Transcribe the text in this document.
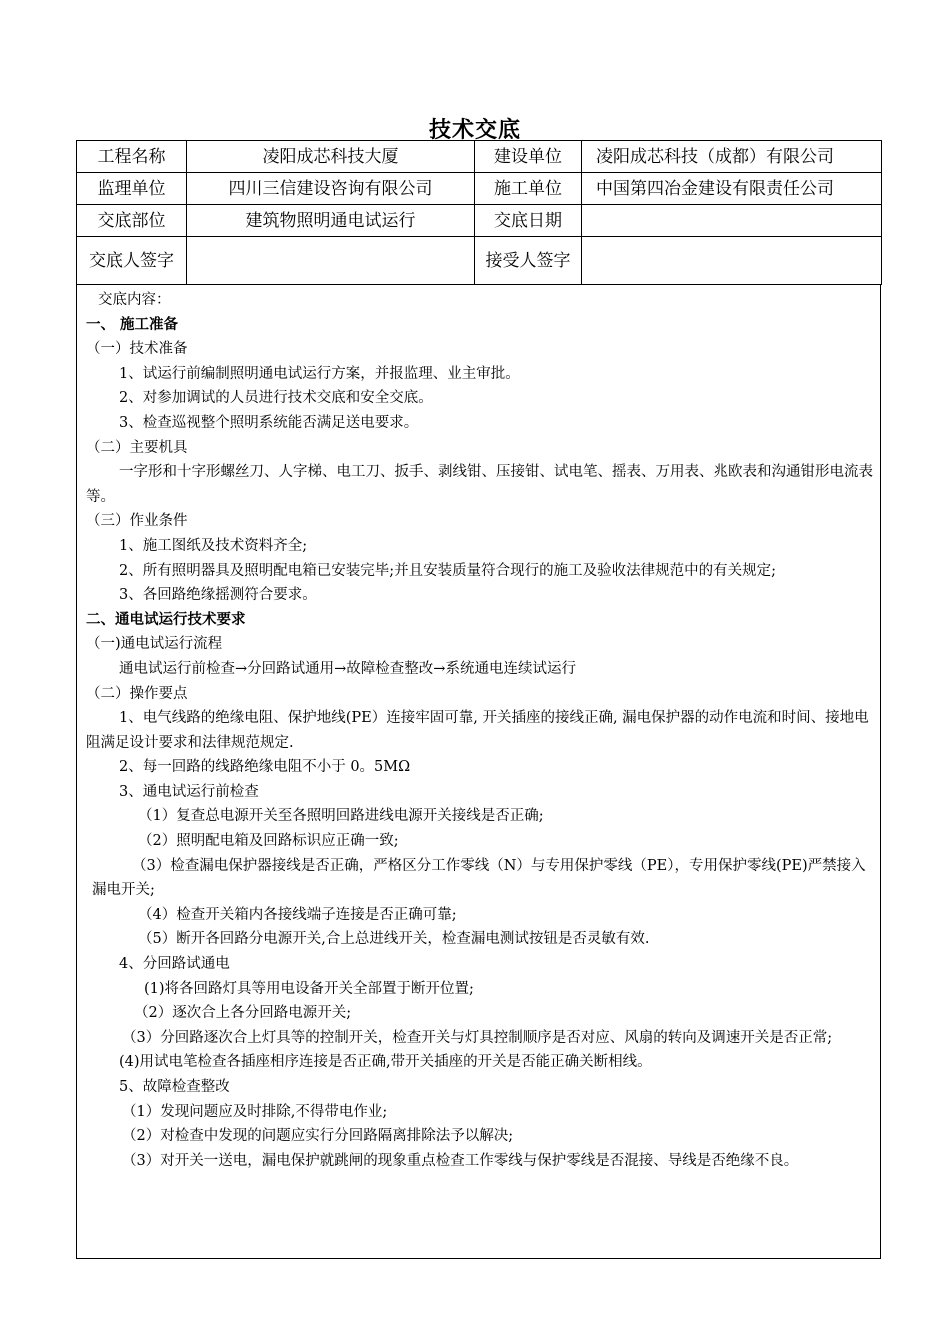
技术交底
工程名称	凌阳成芯科技大厦	建设单位	凌阳成芯科技（成都）有限公司
监理单位	四川三信建设咨询有限公司	施工单位	中国第四冶金建设有限责任公司
交底部位	建筑物照明通电试运行	交底日期	
交底人签字		接受人签字	

交底内容：

一、 施工准备

（一）技术准备

1、试运行前编制照明通电试运行方案，并报监理、业主审批。

2、对参加调试的人员进行技术交底和安全交底。

3、检查巡视整个照明系统能否满足送电要求。

（二）主要机具

一字形和十字形螺丝刀、人字梯、电工刀、扳手、剥线钳、压接钳、试电笔、摇表、万用表、兆欧表和沟通钳形电流表等。

（三）作业条件

1、施工图纸及技术资料齐全;

2、所有照明器具及照明配电箱已安装完毕;并且安装质量符合现行的施工及验收法律规范中的有关规定;

3、各回路绝缘摇测符合要求。

二、通电试运行技术要求

（一)通电试运行流程

通电试运行前检查→分回路试通用→故障检查整改→系统通电连续试运行

（二）操作要点

1、电气线路的绝缘电阻、保护地线(PE）连接牢固可靠, 开关插座的接线正确, 漏电保护器的动作电流和时间、接地电阻满足设计要求和法律规范规定.

2、每一回路的线路绝缘电阻不小于 0。5MΩ

3、通电试运行前检查

（1）复查总电源开关至各照明回路进线电源开关接线是否正确;

（2）照明配电箱及回路标识应正确一致;

（3）检查漏电保护器接线是否正确，严格区分工作零线（N）与专用保护零线（PE），专用保护零线(PE)严禁接入漏电开关;

（4）检查开关箱内各接线端子连接是否正确可靠;

（5）断开各回路分电源开关,合上总进线开关，检查漏电测试按钮是否灵敏有效.

4、分回路试通电

(1)将各回路灯具等用电设备开关全部置于断开位置;

（2）逐次合上各分回路电源开关;

（3）分回路逐次合上灯具等的控制开关，检查开关与灯具控制顺序是否对应、风扇的转向及调速开关是否正常;

(4)用试电笔检查各插座相序连接是否正确,带开关插座的开关是否能正确关断相线。

5、故障检查整改

（1）发现问题应及时排除,不得带电作业;

（2）对检查中发现的问题应实行分回路隔离排除法予以解决;

（3）对开关一送电，漏电保护就跳闸的现象重点检查工作零线与保护零线是否混接、导线是否绝缘不良。
